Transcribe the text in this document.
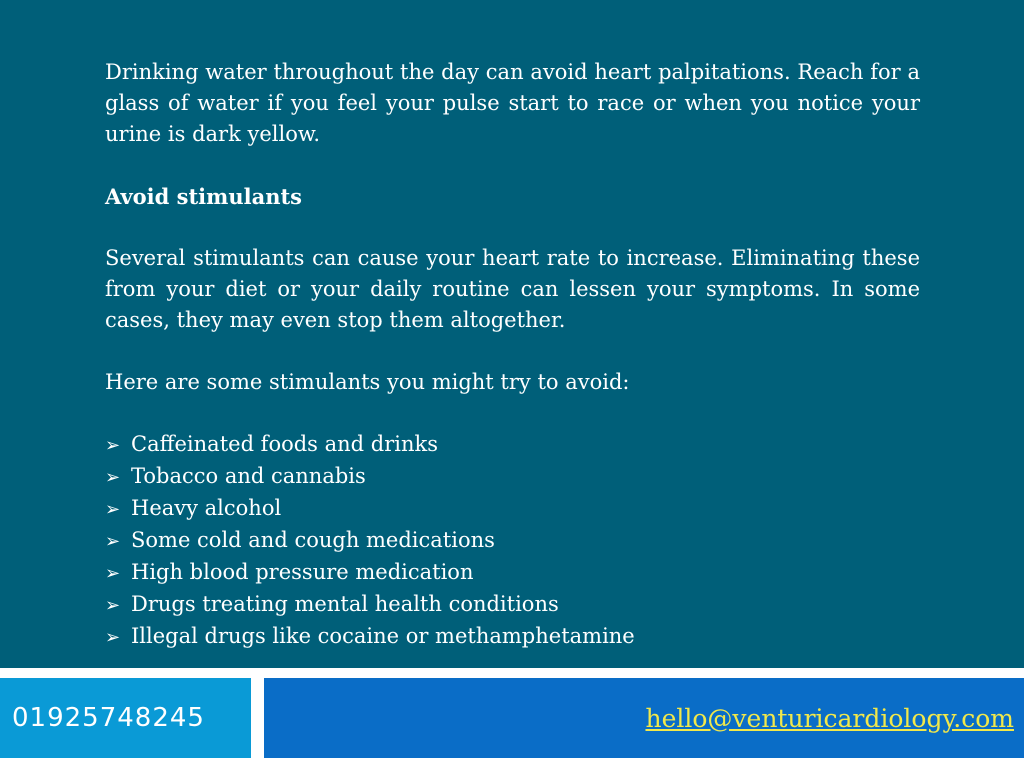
Drinking water throughout the day can avoid heart palpitations. Reach for a glass of water if you feel your pulse start to race or when you notice your urine is dark yellow.

Avoid stimulants

Several stimulants can cause your heart rate to increase. Eliminating these from your diet or your daily routine can lessen your symptoms. In some cases, they may even stop them altogether.

Here are some stimulants you might try to avoid:

➢ Caffeinated foods and drinks
➢ Tobacco and cannabis
➢ Heavy alcohol
➢ Some cold and cough medications
➢ High blood pressure medication
➢ Drugs treating mental health conditions
➢ Illegal drugs like cocaine or methamphetamine
01925748245	hello@venturicardiology.com
